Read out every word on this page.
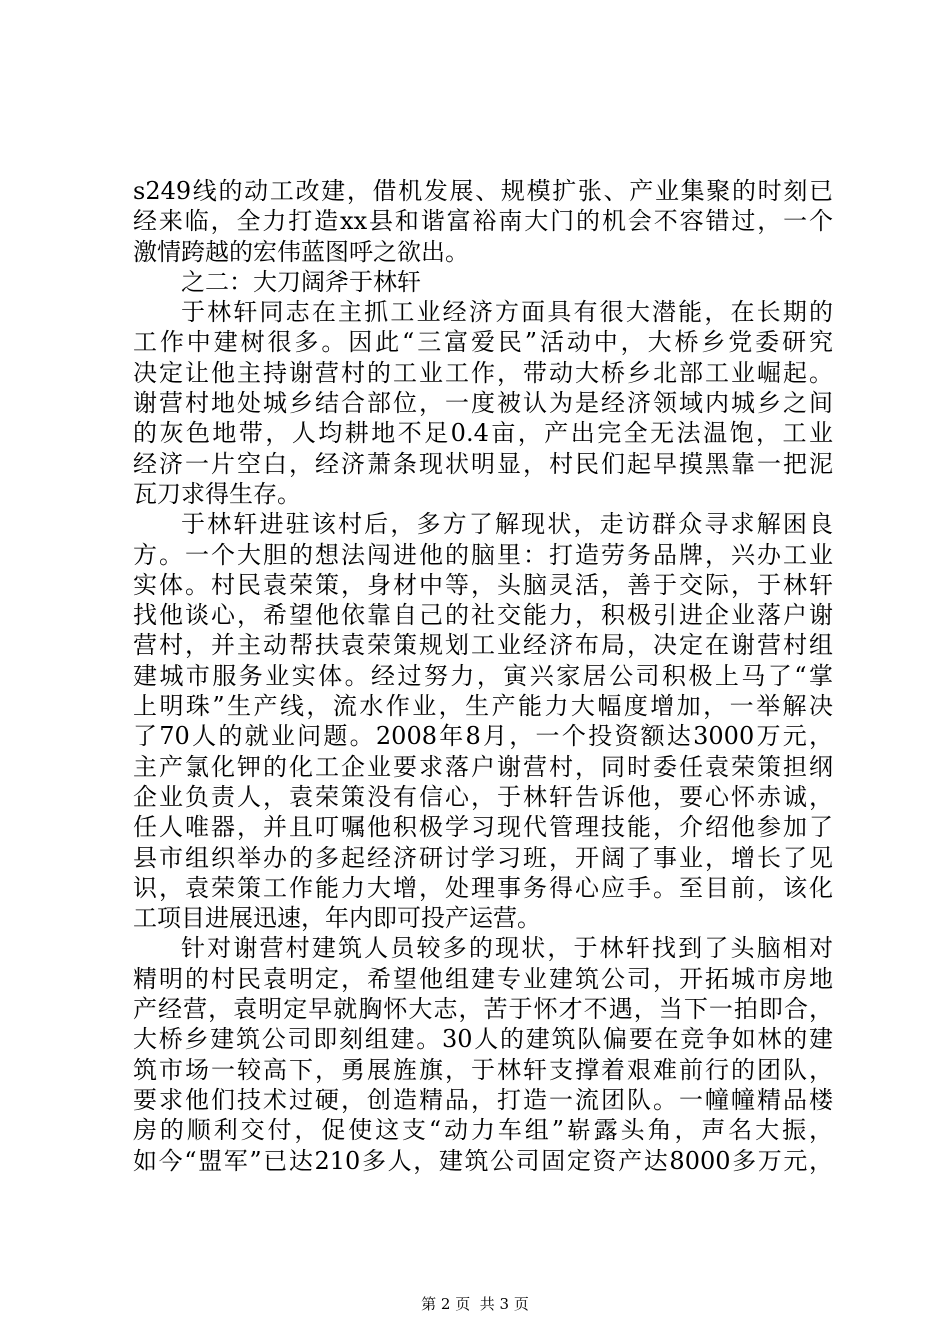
s249线的动工改建，借机发展、规模扩张、产业集聚的时刻已
经来临，全力打造xx县和谐富裕南大门的机会不容错过，一个
激情跨越的宏伟蓝图呼之欲出。
之二：大刀阔斧于林轩
于林轩同志在主抓工业经济方面具有很大潜能，在长期的
工作中建树很多。因此“三富爱民”活动中，大桥乡党委研究
决定让他主持谢营村的工业工作，带动大桥乡北部工业崛起。
谢营村地处城乡结合部位，一度被认为是经济领域内城乡之间
的灰色地带，人均耕地不足0.4亩，产出完全无法温饱，工业
经济一片空白，经济萧条现状明显，村民们起早摸黑靠一把泥
瓦刀求得生存。
于林轩进驻该村后，多方了解现状，走访群众寻求解困良
方。一个大胆的想法闯进他的脑里：打造劳务品牌，兴办工业
实体。村民袁荣策，身材中等，头脑灵活，善于交际，于林轩
找他谈心，希望他依靠自己的社交能力，积极引进企业落户谢
营村，并主动帮扶袁荣策规划工业经济布局，决定在谢营村组
建城市服务业实体。经过努力，寅兴家居公司积极上马了“掌
上明珠”生产线，流水作业，生产能力大幅度增加，一举解决
了70人的就业问题。2008年8月，一个投资额达3000万元，
主产氯化钾的化工企业要求落户谢营村，同时委任袁荣策担纲
企业负责人，袁荣策没有信心，于林轩告诉他，要心怀赤诚，
任人唯器，并且叮嘱他积极学习现代管理技能，介绍他参加了
县市组织举办的多起经济研讨学习班，开阔了事业，增长了见
识，袁荣策工作能力大增，处理事务得心应手。至目前，该化
工项目进展迅速，年内即可投产运营。
针对谢营村建筑人员较多的现状，于林轩找到了头脑相对
精明的村民袁明定，希望他组建专业建筑公司，开拓城市房地
产经营，袁明定早就胸怀大志，苦于怀才不遇，当下一拍即合，
大桥乡建筑公司即刻组建。30人的建筑队偏要在竞争如林的建
筑市场一较高下，勇展旌旗，于林轩支撑着艰难前行的团队，
要求他们技术过硬，创造精品，打造一流团队。一幢幢精品楼
房的顺利交付，促使这支“动力车组”崭露头角，声名大振，
如今“盟军”已达210多人，建筑公司固定资产达8000多万元，
第 2 页  共 3 页
